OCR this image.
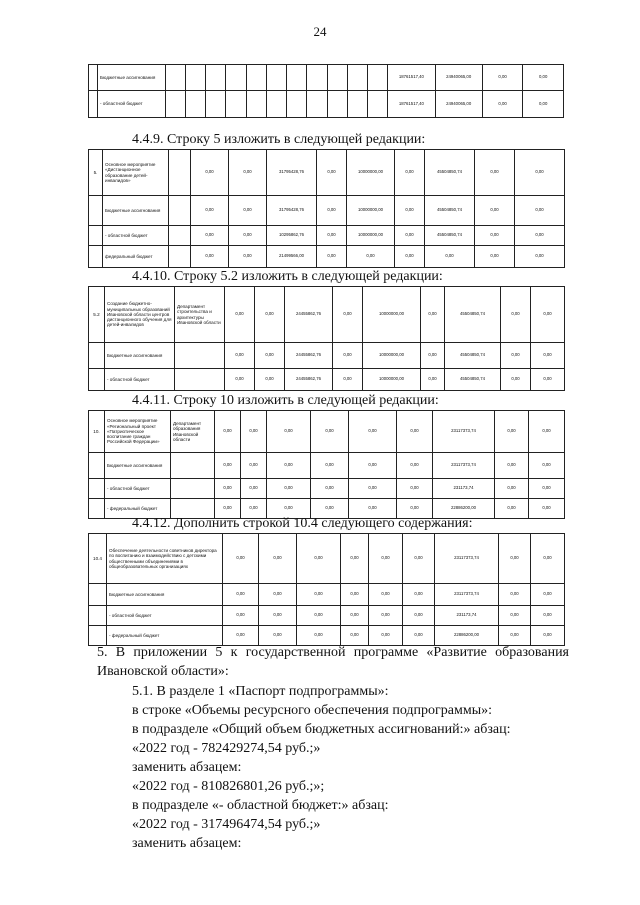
24
	Бюджетные ассигнования												18761517,40	24940065,00	0,00	0,00
	- областной бюджет												18761517,40	24940065,00	0,00	0,00
4.4.9. Строку 5 изложить в следующей редакции:
5.	Основное мероприятие «Дистанционное образование детей-инвалидов»		0,00	0,00	31795428,76	0,00	10000000,00	0,00	45504850,74	0,00	0,00
	Бюджетные ассигнования		0,00	0,00	31795428,76	0,00	10000000,00	0,00	45504850,74	0,00	0,00
	- областной бюджет		0,00	0,00	10295862,76	0,00	10000000,00	0,00	45504850,74	0,00	0,00
	федеральный бюджет		0,00	0,00	21499566,00	0,00	0,00	0,00	0,00	0,00	0,00
4.4.10. Строку 5.2 изложить в следующей редакции:
5.2	Создание бюджетно-муниципальных образований Ивановской области центров дистанционного обучения для детей-инвалидов	Департамент строительства и архитектуры Ивановской области	0,00	0,00	24455862,76	0,00	10000000,00	0,00	45504850,74	0,00	0,00
	Бюджетные ассигнования		0,00	0,00	24455862,76	0,00	10000000,00	0,00	45504850,74	0,00	0,00
	- областной бюджет		0,00	0,00	24455862,76	0,00	10000000,00	0,00	45504850,74	0,00	0,00
4.4.11. Строку 10 изложить в следующей редакции:
10.	Основное мероприятие «Региональный проект «Патриотическое воспитание граждан Российской Федерации»	Департамент образования Ивановской области	0,00	0,00	0,00	0,00	0,00	0,00	23117373,74	0,00	0,00
	Бюджетные ассигнования		0,00	0,00	0,00	0,00	0,00	0,00	23117373,74	0,00	0,00
	- областной бюджет		0,00	0,00	0,00	0,00	0,00	0,00	231173,74	0,00	0,00
	- федеральный бюджет		0,00	0,00	0,00	0,00	0,00	0,00	22886200,00	0,00	0,00
4.4.12. Дополнить строкой 10.4 следующего содержания:
10.4	Обеспечение деятельности советников директора по воспитанию и взаимодействию с детскими общественными объединениями в общеобразовательных организациях	0,00	0,00	0,00	0,00	0,00	0,00	23117373,74	0,00	0,00
	Бюджетные ассигнования	0,00	0,00	0,00	0,00	0,00	0,00	23117373,74	0,00	0,00
	- областной бюджет	0,00	0,00	0,00	0,00	0,00	0,00	231173,74	0,00	0,00
	- федеральный бюджет	0,00	0,00	0,00	0,00	0,00	0,00	22886200,00	0,00	0,00
5. В приложении 5 к государственной программе «Развитие образования Ивановской области»:
5.1. В разделе 1 «Паспорт подпрограммы»:
в строке «Объемы ресурсного обеспечения подпрограммы»:
в подразделе «Общий объем бюджетных ассигнований:» абзац:
«2022 год - 782429274,54 руб.;»
заменить абзацем:
«2022 год - 810826801,26 руб.;»;
в подразделе «- областной бюджет:» абзац:
«2022 год - 317496474,54 руб.;»
заменить абзацем:
